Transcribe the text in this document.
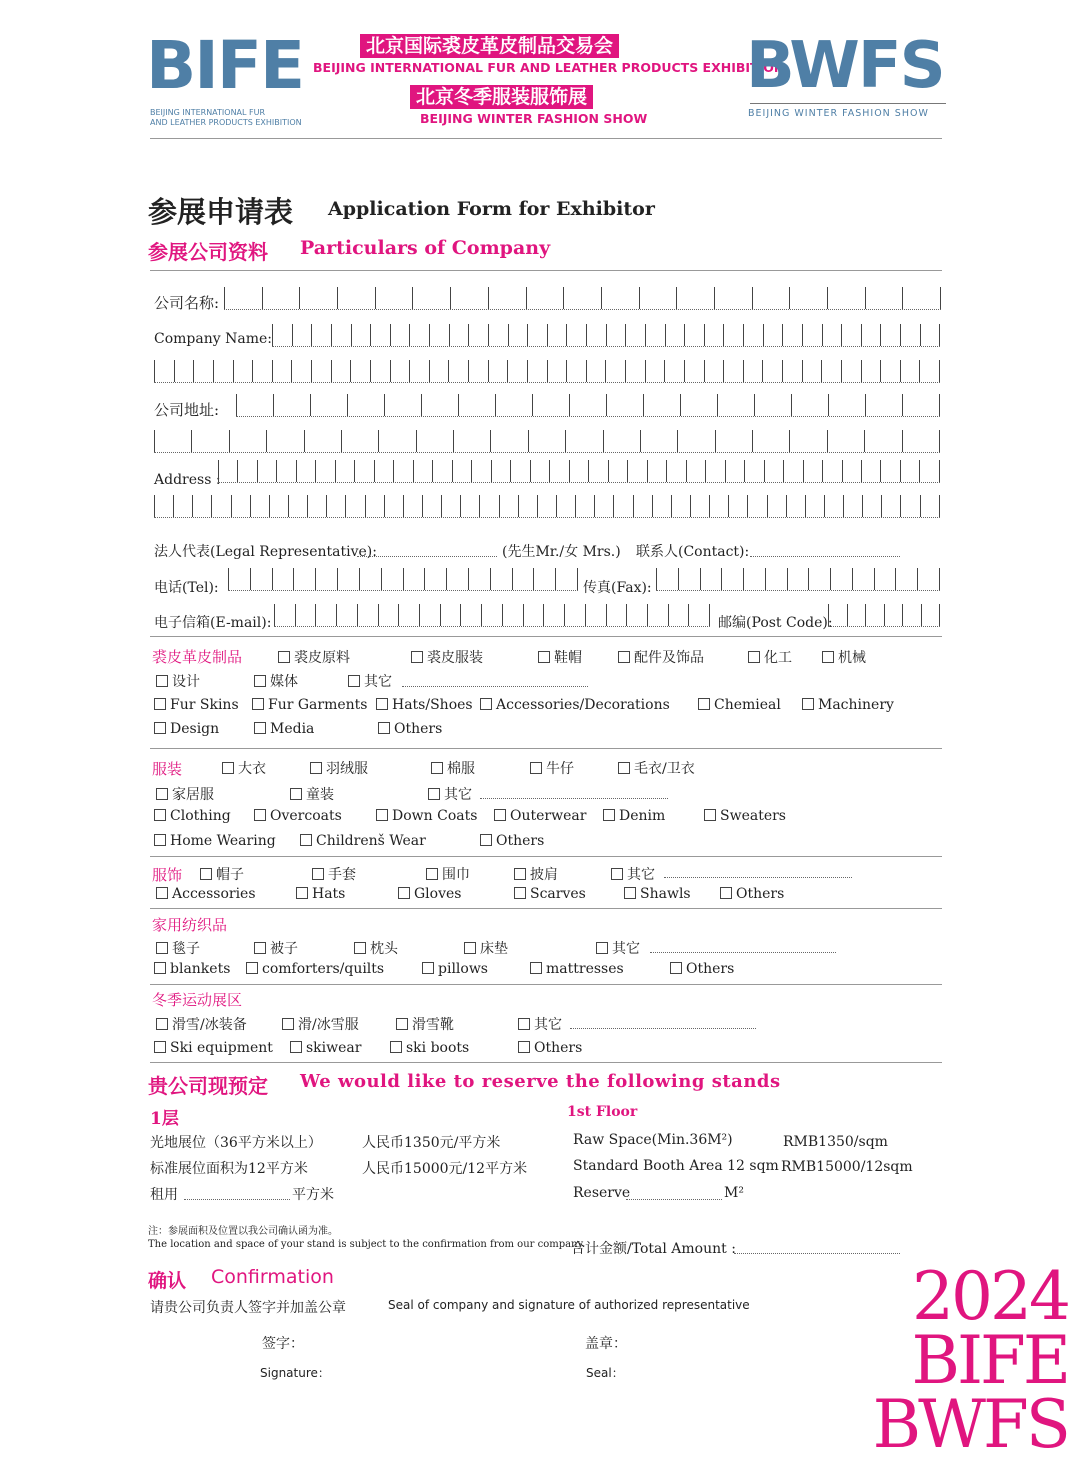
BIFE
BEIJING INTERNATIONAL FUR
AND LEATHER PRODUCTS EXHIBITION
北京国际裘皮革皮制品交易会
BEIJING INTERNATIONAL FUR AND LEATHER PRODUCTS EXHIBITION
北京冬季服装服饰展
BEIJING WINTER FASHION SHOW
BWFS
BEIJING WINTER FASHION SHOW
参展申请表 Application Form for Exhibitor
参展公司资料 Particulars of Company
公司名称:
Company Name:
公司地址:
Address :
法人代表(Legal Representative):	(先生Mr./女 Mrs.) 联系人(Contact):
电话(Tel):	传真(Fax):
电子信箱(E-mail):	邮编(Post Code):
裘皮革皮制品	裘皮原料	裘皮服装	鞋帽	配件及饰品	化工	机械
设计	媒体	其它
Fur Skins	Fur Garments	Hats/Shoes	Accessories/Decorations	Chemieal	Machinery
Design	Media	Others
服装	大衣	羽绒服	棉服	牛仔	毛衣/卫衣
家居服	童装	其它
Clothing	Overcoats	Down Coats	Outerwear	Denim	Sweaters
Home Wearing	Childrenš Wear	Others
服饰	帽子	手套	围巾	披肩	其它
Accessories	Hats	Gloves	Scarves	Shawls	Others
家用纺织品
毯子	被子	枕头	床垫	其它
blankets	comforters/quilts	pillows	mattresses	Others
冬季运动展区
滑雪/冰装备	滑/冰雪服	滑雪靴	其它
Ski equipment	skiwear	ski boots	Others
贵公司现预定 We would like to reserve the following stands
1层	1st Floor
光地展位（36平方米以上）	人民币1350元/平方米
标准展位面积为12平方米	人民币15000元/12平方米
租用	平方米
Raw Space(Min.36M²)	RMB1350/sqm
Standard Booth Area 12 sqm RMB15000/12sqm
Reserve	M²
注：参展面积及位置以我公司确认函为准。
The location and space of your stand is subject to the confirmation from our company.
合计金额/Total Amount :
确认 Confirmation
请贵公司负责人签字并加盖公章	Seal of company and signature of authorized representative
签字：
Signature：
盖章：
Seal：
2024
BIFE
BWFS
